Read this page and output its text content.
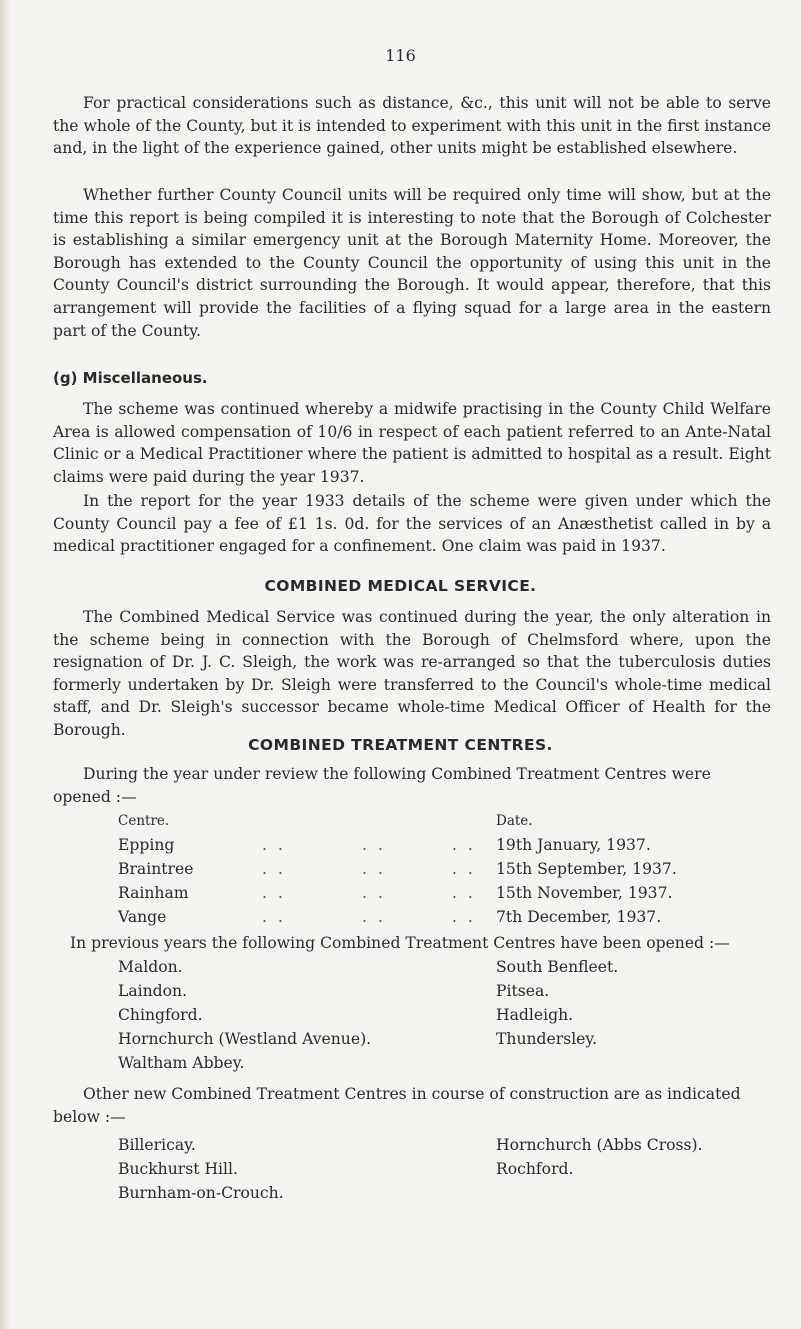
116

For practical considerations such as distance, &c., this unit will not be able to serve the whole of the County, but it is intended to experiment with this unit in the first instance and, in the light of the experience gained, other units might be established elsewhere.

Whether further County Council units will be required only time will show, but at the time this report is being compiled it is interesting to note that the Borough of Colchester is establishing a similar emergency unit at the Borough Maternity Home. Moreover, the Borough has extended to the County Council the opportunity of using this unit in the County Council's district surrounding the Borough. It would appear, therefore, that this arrangement will provide the facilities of a flying squad for a large area in the eastern part of the County.

(g) Miscellaneous.

The scheme was continued whereby a midwife practising in the County Child Welfare Area is allowed compensation of 10/6 in respect of each patient referred to an Ante-Natal Clinic or a Medical Practitioner where the patient is admitted to hospital as a result. Eight claims were paid during the year 1937.

In the report for the year 1933 details of the scheme were given under which the County Council pay a fee of £1 1s. 0d. for the services of an Anæsthetist called in by a medical practitioner engaged for a confinement. One claim was paid in 1937.

COMBINED MEDICAL SERVICE.

The Combined Medical Service was continued during the year, the only alteration in the scheme being in connection with the Borough of Chelmsford where, upon the resignation of Dr. J. C. Sleigh, the work was re-arranged so that the tuberculosis duties formerly undertaken by Dr. Sleigh were transferred to the Council's whole-time medical staff, and Dr. Sleigh's successor became whole-time Medical Officer of Health for the Borough.

COMBINED TREATMENT CENTRES.
During the year under review the following Combined Treatment Centres were
opened :—
Centre.	Date.
Epping	. .	. .	. . 19th January, 1937.
Braintree	. .	. .	. . 15th September, 1937.
Rainham	. .	. .	. . 15th November, 1937.
Vange	. .	. .	. . 7th December, 1937.
In previous years the following Combined Treatment Centres have been opened :—
Maldon.
Laindon.
Chingford.
Hornchurch (Westland Avenue).
Waltham Abbey.
South Benfleet.
Pitsea.
Hadleigh.
Thundersley.
Other new Combined Treatment Centres in course of construction are as indicated
below :—
Billericay.
Buckhurst Hill.
Burnham-on-Crouch.
Hornchurch (Abbs Cross).
Rochford.
